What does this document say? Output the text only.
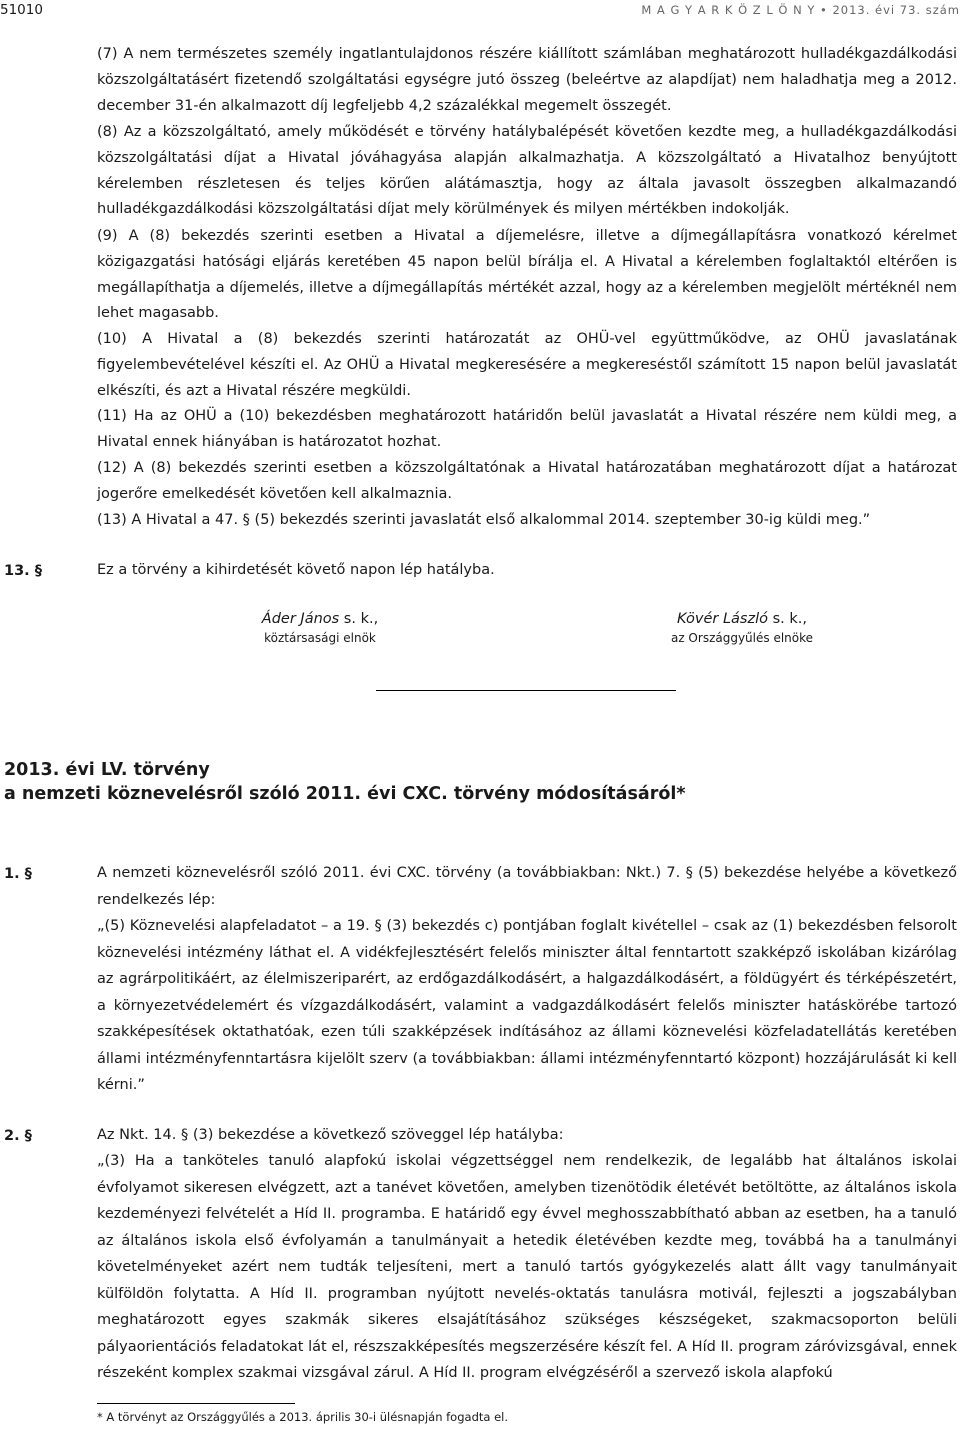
51010	M A G Y A R K Ö Z L Ö N Y • 2013. évi 73. szám

(7) A nem természetes személy ingatlantulajdonos részére kiállított számlában meghatározott hulladékgazdálkodási közszolgáltatásért fizetendő szolgáltatási egységre jutó összeg (beleértve az alapdíjat) nem haladhatja meg a 2012. december 31-én alkalmazott díj legfeljebb 4,2 százalékkal megemelt összegét.

(8) Az a közszolgáltató, amely működését e törvény hatálybalépését követően kezdte meg, a hulladékgazdálkodási közszolgáltatási díjat a Hivatal jóváhagyása alapján alkalmazhatja. A közszolgáltató a Hivatalhoz benyújtott kérelemben részletesen és teljes körűen alátámasztja, hogy az általa javasolt összegben alkalmazandó hulladékgazdálkodási közszolgáltatási díjat mely körülmények és milyen mértékben indokolják.

(9) A (8) bekezdés szerinti esetben a Hivatal a díjemelésre, illetve a díjmegállapításra vonatkozó kérelmet közigazgatási hatósági eljárás keretében 45 napon belül bírálja el. A Hivatal a kérelemben foglaltaktól eltérően is megállapíthatja a díjemelés, illetve a díjmegállapítás mértékét azzal, hogy az a kérelemben megjelölt mértéknél nem lehet magasabb.

(10) A Hivatal a (8) bekezdés szerinti határozatát az OHÜ-vel együttműködve, az OHÜ javaslatának figyelembevételével készíti el. Az OHÜ a Hivatal megkeresésére a megkereséstől számított 15 napon belül javaslatát elkészíti, és azt a Hivatal részére megküldi.

(11) Ha az OHÜ a (10) bekezdésben meghatározott határidőn belül javaslatát a Hivatal részére nem küldi meg, a Hivatal ennek hiányában is határozatot hozhat.

(12) A (8) bekezdés szerinti esetben a közszolgáltatónak a Hivatal határozatában meghatározott díjat a határozat jogerőre emelkedését követően kell alkalmaznia.

(13) A Hivatal a 47. § (5) bekezdés szerinti javaslatát első alkalommal 2014. szeptember 30-ig küldi meg.”

13. §	Ez a törvény a kihirdetését követő napon lép hatályba.

Áder János s. k.,
köztársasági elnök
Kövér László s. k.,
az Országgyűlés elnöke
2013. évi LV. törvény
a nemzeti köznevelésről szóló 2011. évi CXC. törvény módosításáról*
1. §	A nemzeti köznevelésről szóló 2011. évi CXC. törvény (a továbbiakban: Nkt.) 7. § (5) bekezdése helyébe a következő rendelkezés lép:

„(5) Köznevelési alapfeladatot – a 19. § (3) bekezdés c) pontjában foglalt kivétellel – csak az (1) bekezdésben felsorolt köznevelési intézmény láthat el. A vidékfejlesztésért felelős miniszter által fenntartott szakképző iskolában kizárólag az agrárpolitikáért, az élelmiszeriparért, az erdőgazdálkodásért, a halgazdálkodásért, a földügyért és térképészetért, a környezetvédelemért és vízgazdálkodásért, valamint a vadgazdálkodásért felelős miniszter hatáskörébe tartozó szakképesítések oktathatóak, ezen túli szakképzések indításához az állami köznevelési közfeladatellátás keretében állami intézményfenntartásra kijelölt szerv (a továbbiakban: állami intézményfenntartó központ) hozzájárulását ki kell kérni.”

2. §	Az Nkt. 14. § (3) bekezdése a következő szöveggel lép hatályba:

„(3) Ha a tanköteles tanuló alapfokú iskolai végzettséggel nem rendelkezik, de legalább hat általános iskolai évfolyamot sikeresen elvégzett, azt a tanévet követően, amelyben tizenötödik életévét betöltötte, az általános iskola kezdeményezi felvételét a Híd II. programba. E határidő egy évvel meghosszabbítható abban az esetben, ha a tanuló az általános iskola első évfolyamán a tanulmányait a hetedik életévében kezdte meg, továbbá ha a tanulmányi követelményeket azért nem tudták teljesíteni, mert a tanuló tartós gyógykezelés alatt állt vagy tanulmányait külföldön folytatta. A Híd II. programban nyújtott nevelés-oktatás tanulásra motivál, fejleszti a jogszabályban meghatározott egyes szakmák sikeres elsajátításához szükséges készségeket, szakmacsoporton belüli pályaorientációs feladatokat lát el, részszakképesítés megszerzésére készít fel. A Híd II. program záróvizsgával, ennek részeként komplex szakmai vizsgával zárul. A Híd II. program elvégzéséről a szervező iskola alapfokú

* A törvényt az Országgyűlés a 2013. április 30-i ülésnapján fogadta el.
